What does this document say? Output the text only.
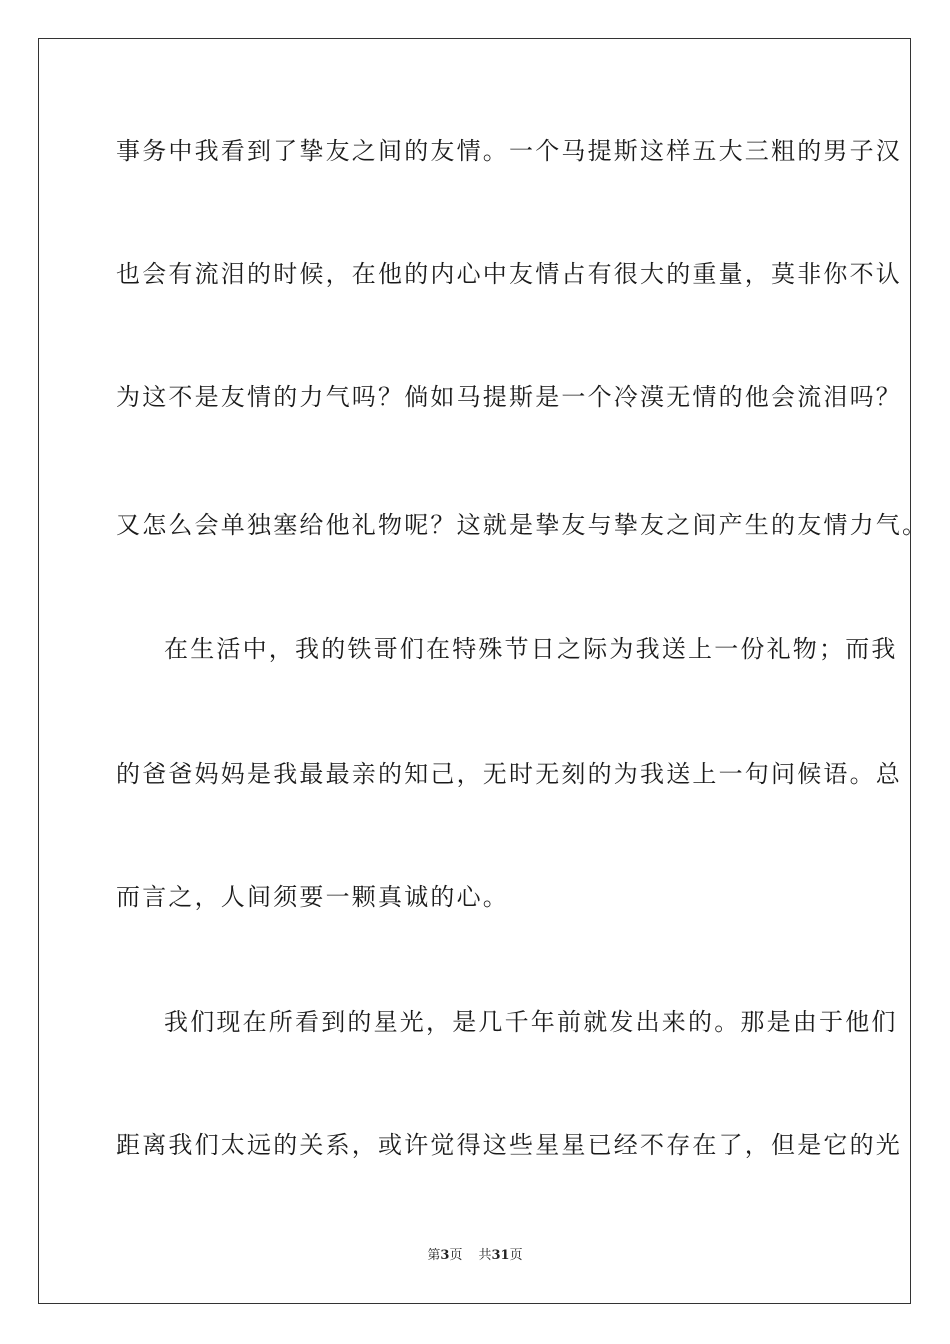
事务中我看到了挚友之间的友情。一个马提斯这样五大三粗的男子汉
也会有流泪的时候，在他的内心中友情占有很大的重量，莫非你不认
为这不是友情的力气吗？倘如马提斯是一个冷漠无情的他会流泪吗？
又怎么会单独塞给他礼物呢？这就是挚友与挚友之间产生的友情力气。
在生活中，我的铁哥们在特殊节日之际为我送上一份礼物；而我
的爸爸妈妈是我最最亲的知己，无时无刻的为我送上一句问候语。总
而言之，人间须要一颗真诚的心。
我们现在所看到的星光，是几千年前就发出来的。那是由于他们
距离我们太远的关系，或许觉得这些星星已经不存在了，但是它的光
第3页 共31页
